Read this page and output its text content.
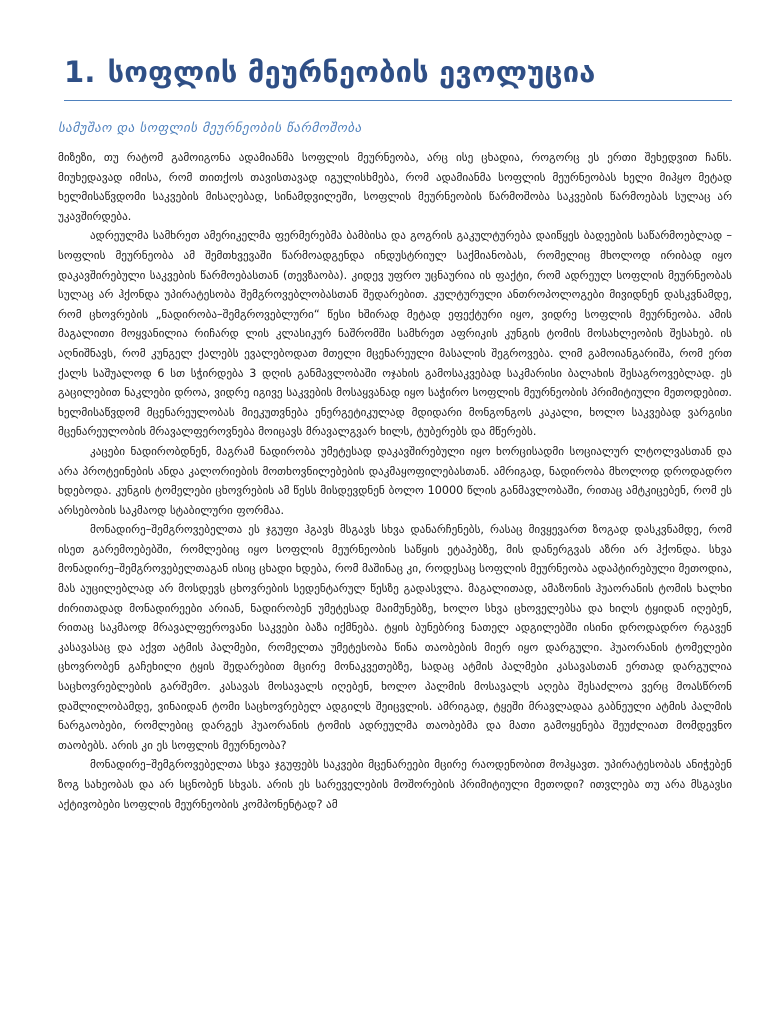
1. სოფლის მეურნეობის ევოლუცია
სამუშაო და სოფლის მეურნეობის წარმოშობა

მიზეზი, თუ რატომ გამოიგონა ადამიანმა სოფლის მეურნეობა, არც ისე ცხადია, როგორც ეს ერთი შეხედვით ჩანს. მიუხედავად იმისა, რომ თითქოს თავისთავად იგულისხმება, რომ ადამიანმა სოფლის მეურნეობას ხელი მიჰყო მეტად ხელმისაწვდომი საკვების მისაღებად, სინამდვილეში, სოფლის მეურნეობის წარმოშობა საკვების წარმოებას სულაც არ უკავშირდება.

ადრეულმა სამხრეთ ამერიკელმა ფერმერებმა ბამბისა და გოგრის გაკულტურება დაიწყეს ბადეების საწარმოებლად – სოფლის მეურნეობა ამ შემთხვევაში წარმოადგენდა ინდუსტრიულ საქმიანობას, რომელიც მხოლოდ ირიბად იყო დაკავშირებული საკვების წარმოებასთან (თევზაობა). კიდევ უფრო უცნაურია ის ფაქტი, რომ ადრეულ სოფლის მეურნეობას სულაც არ ჰქონდა უპირატესობა შემგროვებლობასთან შედარებით. კულტურული ანთროპოლოგები მივიდნენ დასკვნამდე, რომ ცხოვრების „ნადირობა–შემგროვებლური“ წესი ხშირად მეტად ეფექტური იყო, ვიდრე სოფლის მეურნეობა. ამის მაგალითი მოყვანილია რიჩარდ ლის კლასიკურ ნაშრომში სამხრეთ აფრიკის კუნგის ტომის მოსახლეობის შესახებ. ის აღნიშნავს, რომ კუნგელ ქალებს ევალებოდათ მთელი მცენარეული მასალის შეგროვება. ლიმ გამოიანგარიშა, რომ ერთ ქალს საშუალოდ 6 სთ სჭირდება 3 დღის განმავლობაში ოჯახის გამოსაკვებად საკმარისი ბალახის შესაგროვებლად. ეს გაცილებით ნაკლები დროა, ვიდრე იგივე საკვების მოსაყვანად იყო საჭირო სოფლის მეურნეობის პრიმიტიული მეთოდებით. ხელმისაწვდომ მცენარეულობას მიეკუთვნება ენერგეტიკულად მდიდარი მონგონგოს კაკალი, ხოლო საკვებად ვარგისი მცენარეულობის მრავალფეროვნება მოიცავს მრავალგვარ ხილს, ტუბერებს და მწერებს.

კაცები ნადირობდნენ, მაგრამ ნადირობა უმეტესად დაკავშირებული იყო ხორცისადმი სოციალურ ლტოლვასთან და არა პროტეინების ანდა კალორიების მოთხოვნილებების დაკმაყოფილებასთან. ამრიგად, ნადირობა მხოლოდ დროდადრო ხდებოდა. კუნგის ტომელები ცხოვრების ამ წესს მისდევდნენ ბოლო 10000 წლის განმავლობაში, რითაც ამტკიცებენ, რომ ეს არსებობის საკმაოდ სტაბილური ფორმაა.

მონადირე–შემგროვებელთა ეს ჯგუფი ჰგავს მსგავს სხვა დანარჩენებს, რასაც მივყევართ ზოგად დასკვნამდე, რომ ისეთ გარემოებებში, რომლებიც იყო სოფლის მეურნეობის საწყის ეტაპებზე, მის დანერგვას აზრი არ ჰქონდა. სხვა მონადირე–შემგროვებელთაგან ისიც ცხადი ხდება, რომ მაშინაც კი, როდესაც სოფლის მეურნეობა ადაპტირებული მეთოდია, მას აუცილებლად არ მოსდევს ცხოვრების სედენტარულ წესზე გადასვლა. მაგალითად, ამაზონის ჰუაორანის ტომის ხალხი ძირითადად მონადირეები არიან, ნადირობენ უმეტესად მაიმუნებზე, ხოლო სხვა ცხოველებსა და ხილს ტყიდან იღებენ, რითაც საკმაოდ მრავალფეროვანი საკვები ბაზა იქმნება. ტყის ბუნებრივ ნათელ ადგილებში ისინი დროდადრო რგავენ კასავასაც და აქვთ ატმის პალმები, რომელთა უმეტესობა წინა თაობების მიერ იყო დარგული. ჰუაორანის ტომელები ცხოვრობენ გაჩეხილი ტყის შედარებით მცირე მონაკვეთებზე, სადაც ატმის პალმები კასავასთან ერთად დარგულია საცხოვრებლების გარშემო. კასავას მოსავალს იღებენ, ხოლო პალმის მოსავალს აღება შესაძლოა ვერც მოასწრონ დაშლილობამდე, ვინაიდან ტომი საცხოვრებელ ადგილს შეიცვლის. ამრიგად, ტყეში მრავლადაა გაბნეული ატმის პალმის ნარგაობები, რომლებიც დარგეს ჰუაორანის ტომის ადრეულმა თაობებმა და მათი გამოყენება შეუძლიათ მომდევნო თაობებს. არის კი ეს სოფლის მეურნეობა?

მონადირე–შემგროვებელთა სხვა ჯგუფებს საკვები მცენარეები მცირე რაოდენობით მოჰყავთ. უპირატესობას ანიჭებენ ზოგ სახეობას და არ სცნობენ სხვას. არის ეს სარეველების მოშორების პრიმიტიული მეთოდი? ითვლება თუ არა მსგავსი აქტივობები სოფლის მეურნეობის კომპონენტად? ამ
